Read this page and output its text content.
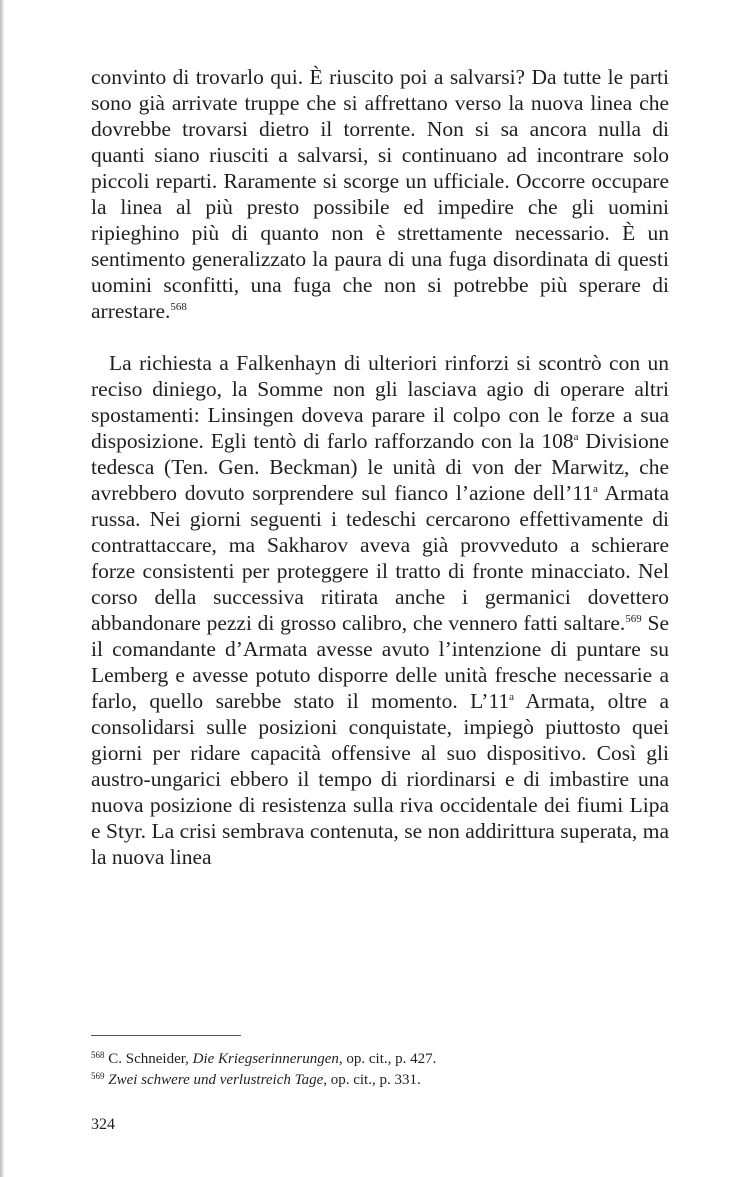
convinto di trovarlo qui. È riuscito poi a salvarsi? Da tutte le parti sono già arrivate truppe che si affrettano verso la nuova linea che dovrebbe trovarsi dietro il torrente. Non si sa ancora nulla di quanti siano riusciti a salvarsi, si continuano ad incontrare solo piccoli reparti. Raramente si scorge un ufficiale. Occorre occupare la linea al più presto possibile ed impedire che gli uomini ripieghino più di quanto non è strettamente necessario. È un sentimento generalizzato la paura di una fuga disordinata di questi uomini sconfitti, una fuga che non si potrebbe più sperare di arrestare.$^{568}$

La richiesta a Falkenhayn di ulteriori rinforzi si scontrò con un reciso diniego, la Somme non gli lasciava agio di operare altri spostamenti: Linsingen doveva parare il colpo con le forze a sua disposizione. Egli tentò di farlo rafforzando con la 108$^a$ Divisione tedesca (Ten. Gen. Beckman) le unità di von der Marwitz, che avrebbero dovuto sorprendere sul fianco l’azione dell’11$^a$ Armata russa. Nei giorni seguenti i tedeschi cercarono effettivamente di contrattaccare, ma Sakharov aveva già provveduto a schierare forze consistenti per proteggere il tratto di fronte minacciato. Nel corso della successiva ritirata anche i germanici dovettero abbandonare pezzi di grosso calibro, che vennero fatti saltare.$^{569}$ Se il comandante d’Armata avesse avuto l’intenzione di puntare su Lemberg e avesse potuto disporre delle unità fresche necessarie a farlo, quello sarebbe stato il momento. L’11$^a$ Armata, oltre a consolidarsi sulle posizioni conquistate, impiegò piuttosto quei giorni per ridare capacità offensive al suo dispositivo. Così gli austro-ungarici ebbero il tempo di riordinarsi e di imbastire una nuova posizione di resistenza sulla riva occidentale dei fiumi Lipa e Styr. La crisi sembrava contenuta, se non addirittura superata, ma la nuova linea

$^{568}$ C. Schneider, Die Kriegserinnerungen, op. cit., p. 427.

$^{569}$ Zwei schwere und verlustreich Tage, op. cit., p. 331.

324
